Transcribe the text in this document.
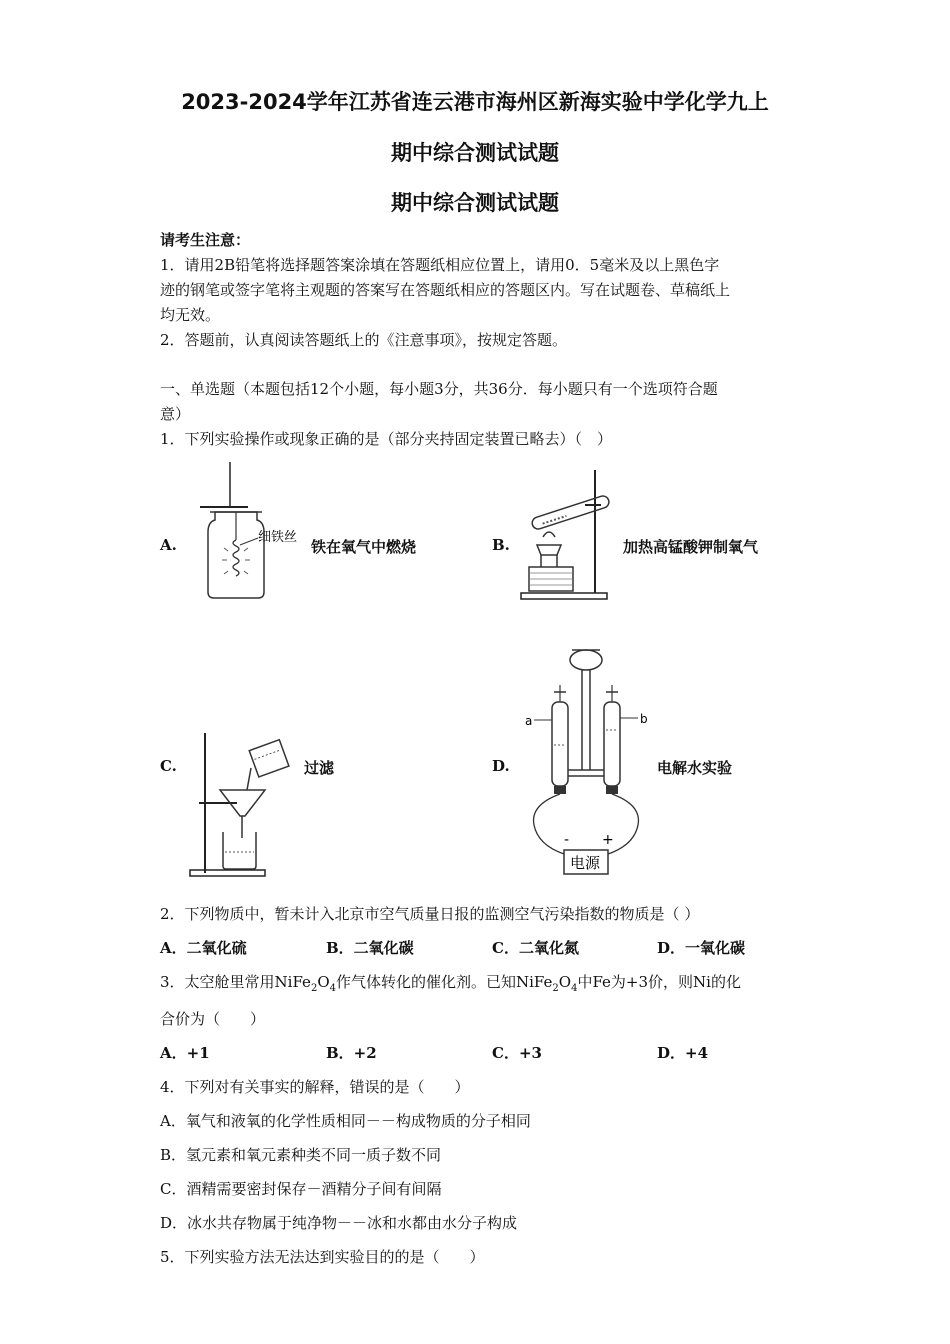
2023-2024学年江苏省连云港市海州区新海实验中学化学九上
期中综合测试试题
期中综合测试试题
请考生注意：
1．请用2B铅笔将选择题答案涂填在答题纸相应位置上，请用0．5毫米及以上黑色字
迹的钢笔或签字笔将主观题的答案写在答题纸相应的答题区内。写在试题卷、草稿纸上
均无效。
2．答题前，认真阅读答题纸上的《注意事项》，按规定答题。
一、单选题（本题包括12个小题，每小题3分，共36分．每小题只有一个选项符合题
意）
1．下列实验操作或现象正确的是（部分夹持固定装置已略去）（　）
A.	细铁丝
铁在氧气中燃烧	B.	加热高锰酸钾制氧气
C.	过滤	D.
a	b
- +
电源
电解水实验
2．下列物质中，暂未计入北京市空气质量日报的监测空气污染指数的物质是（ ）
A．二氧化硫	B．二氧化碳	C．二氧化氮	D．一氧化碳
3．太空舱里常用$NiFe_2O_4$作气体转化的催化剂。已知$NiFe_2O_4$中Fe为+3价，则Ni的化
合价为（　　）
A．+1	B．+2	C．+3	D．+4
4．下列对有关事实的解释，错误的是（　　）
A．氧气和液氧的化学性质相同－－构成物质的分子相同
B．氢元素和氧元素种类不同一质子数不同
C．酒精需要密封保存－酒精分子间有间隔
D．冰水共存物属于纯净物－－冰和水都由水分子构成
5．下列实验方法无法达到实验目的的是（　　）
